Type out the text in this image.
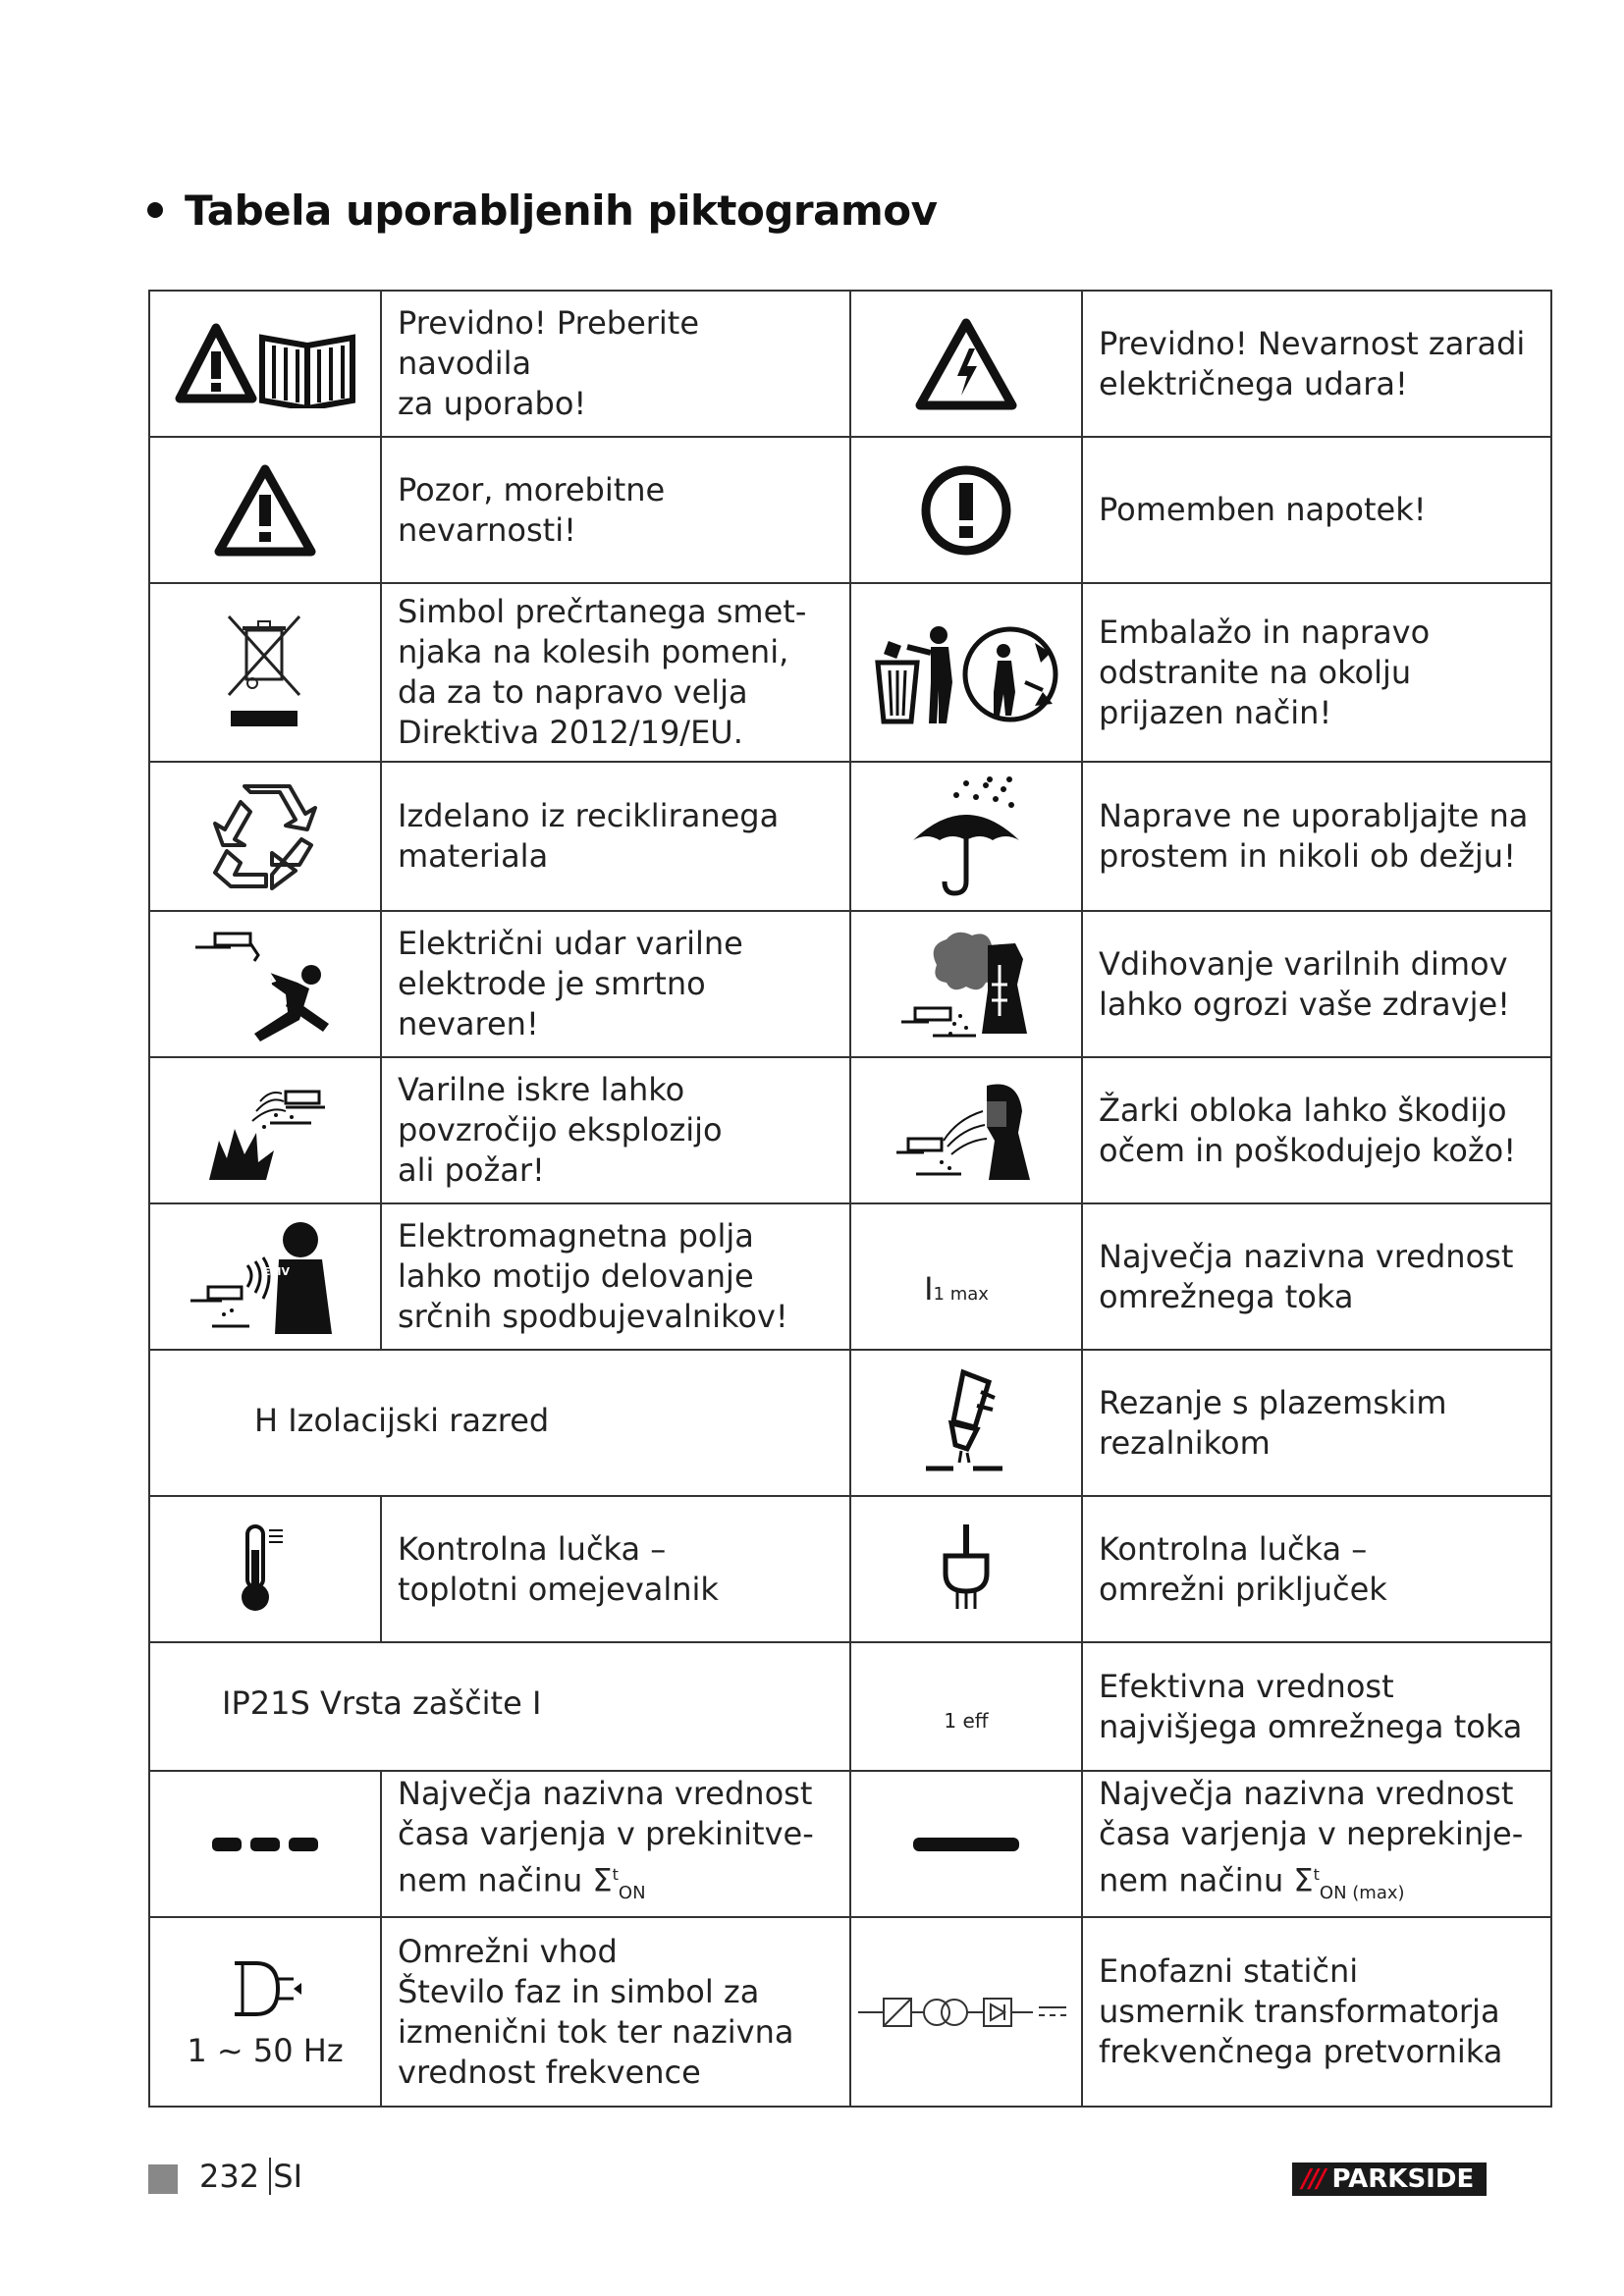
Tabela uporabljenih piktogramov
	Previdno! Preberite navodila
za uporabo!		Previdno! Nevarnost zaradi
električnega udara!

	Pozor, morebitne
nevarnosti!		Pomemben napotek!

	Simbol prečrtanega smet-
njaka na kolesih pomeni,
da za to napravo velja
Direktiva 2012/19/EU.		Embalažo in napravo
odstranite na okolju
prijazen način!

	Izdelano iz recikliranega
materiala		Naprave ne uporabljajte na
prostem in nikoli ob dežju!

	Električni udar varilne
elektrode je smrtno
nevaren!		Vdihovanje varilnih dimov
lahko ogrozi vaše zdravje!

	Varilne iskre lahko
povzročijo eksplozijo
ali požar!		Žarki obloka lahko škodijo
očem in poškodujejo kožo!

EMV	Elektromagnetna polja
lahko motijo delovanje
srčnih spodbujevalnikov!	I1 max	Največja nazivna vrednost
omrežnega toka

H Izolacijski razred			Rezanje s plazemskim
rezalnikom

	Kontrolna lučka –
toplotni omejevalnik		Kontrolna lučka –
omrežni priključek

IP21S Vrsta zaščite I		1 eff	Efektivna vrednost
najvišjega omrežnega toka

	Največja nazivna vrednost
časa varjenja v prekinitve-
nem načinu $\Sigma^t_{ON}$		Največja nazivna vrednost
časa varjenja v neprekinje-
nem načinu $\Sigma^t_{ON (max)}$

1 ~ 50 Hz	Omrežni vhod
Število faz in simbol za
izmenični tok ter nazivna
vrednost frekvence		Enofazni statični
usmernik transformatorja
frekvenčnega pretvornika
232 SI	/// PARKSIDE
